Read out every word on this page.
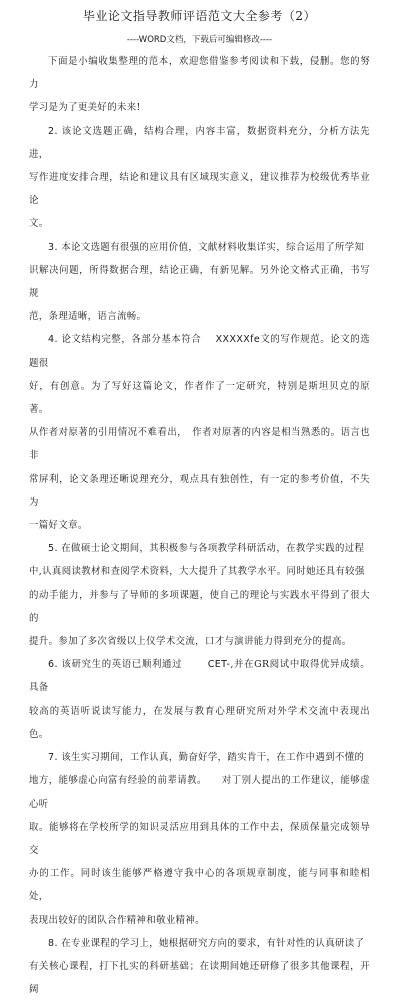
毕业论文指导教师评语范文大全参考（2）
----WORD文档，下载后可编辑修改----

下面是小编收集整理的范本，欢迎您借鉴参考阅读和下载，侵删。您的努力
学习是为了更美好的未来!

2. 该论文选题正确，结构合理，内容丰富，数据资料充分，分析方法先进，
写作进度安排合理，结论和建议具有区域现实意义，建议推荐为校级优秀毕业论
文。

3. 本论文选题有很强的应用价值，文献材料收集详实，综合运用了所学知
识解决问题，所得数据合理，结论正确，有新见解。另外论文格式正确，书写规
范，条理适晰，语言流畅。

4. 论文结构完整，各部分基本符合 XXXXXfe文的写作规范。论文的选题很
好，有创意。为了写好这篇论文，作者作了一定研究，特别是斯坦贝克的原著。
从作者对原著的引用情况不难看出，　作者对原著的内容是相当熟悉的。语言也非
常屏利，论文条理还晰说理充分，观点具有独创性，有一定的参考价值，不失为
一篇好文章。

5. 在做硕士论文期间，其积极参与各项教学科研活动，在教学实践的过程
中,认真阅读教材和查阅学术资料，大大提升了其教学水平。同时她还具有较强
的动手能力，并参与了导师的多项课题，使自己的理论与实践水平得到了很大的
提升。参加了多次省级以上仪学术交流，口才与演讲能力得到充分的提高。

6. 该研究生的英语已顺利通过	CET-,并在GR阅试中取得优异成绩。具备
较高的英语听说读写能力，在发展与教育心理研究所对外学术交流中表现出色。

7. 该生实习期间，工作认真，勤奋好学，踏实肯干，在工作中遇到不懂的
地方，能够虚心向富有经验的前辈请教。　　对丁别人提出的工作建议，能够虚心听
取。能够将在学校所学的知识灵活应用到具体的工作中去，保质保量完成领导交
办的工作。同时该生能够严格遵守我中心的各项规章制度，能与同事和睦相处，
表现出较好的团队合作精神和敬业精神。

8. 在专业课程的学习上，她根据研究方向的要求，有针对性的认真研读了
有关核心课程，打下扎实的科研基础；在读期间她还研修了很多其他课程，开阔
